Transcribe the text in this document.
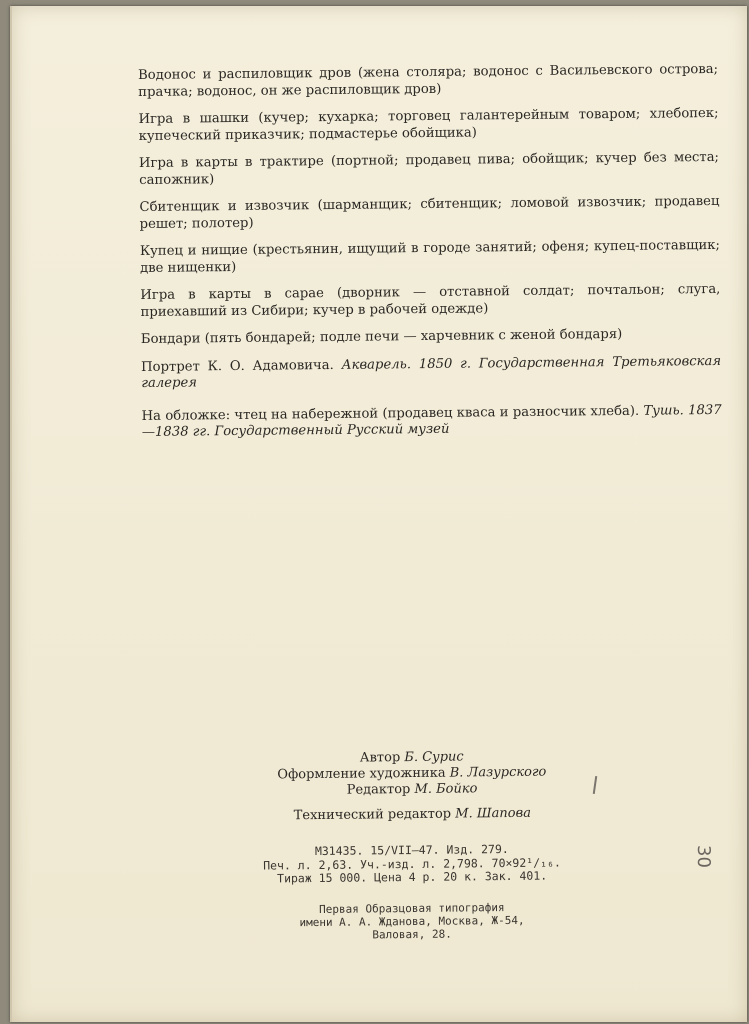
Водонос и распиловщик дров (жена столяра; водонос с Васильевского острова; прачка; водонос, он же распиловщик дров)
Игра в шашки (кучер; кухарка; торговец галантерейным товаром; хлебопек; купеческий приказчик; подмастерье обойщика)
Игра в карты в трактире (портной; продавец пива; обойщик; кучер без места; сапожник)
Сбитенщик и извозчик (шарманщик; сбитенщик; ломовой извозчик; продавец решет; полотер)
Купец и нищие (крестьянин, ищущий в городе занятий; офеня; купец-поставщик; две нищенки)
Игра в карты в сарае (дворник — отставной солдат; почтальон; слуга, приехавший из Сибири; кучер в рабочей одежде)
Бондари (пять бондарей; подле печи — харчевник с женой бондаря)
Портрет К. О. Адамовича. Акварель. 1850 г. Государственная Третьяковская галерея
На обложке: чтец на набережной (продавец кваса и разносчик хлеба). Тушь. 1837—1838 гг. Государственный Русский музей
Автор Б. Сурис
Оформление художника В. Лазурского
Редактор М. Бойко
Технический редактор М. Шапова
М31435. 15/VII—47. Изд. 279.
Печ. л. 2,63. Уч.-изд. л. 2,798. 70×92¹/₁₆.
Тираж 15 000. Цена 4 р. 20 к. Зак. 401.
Первая Образцовая типография
имени А. А. Жданова, Москва, Ж-54,
Валовая, 28.
30
